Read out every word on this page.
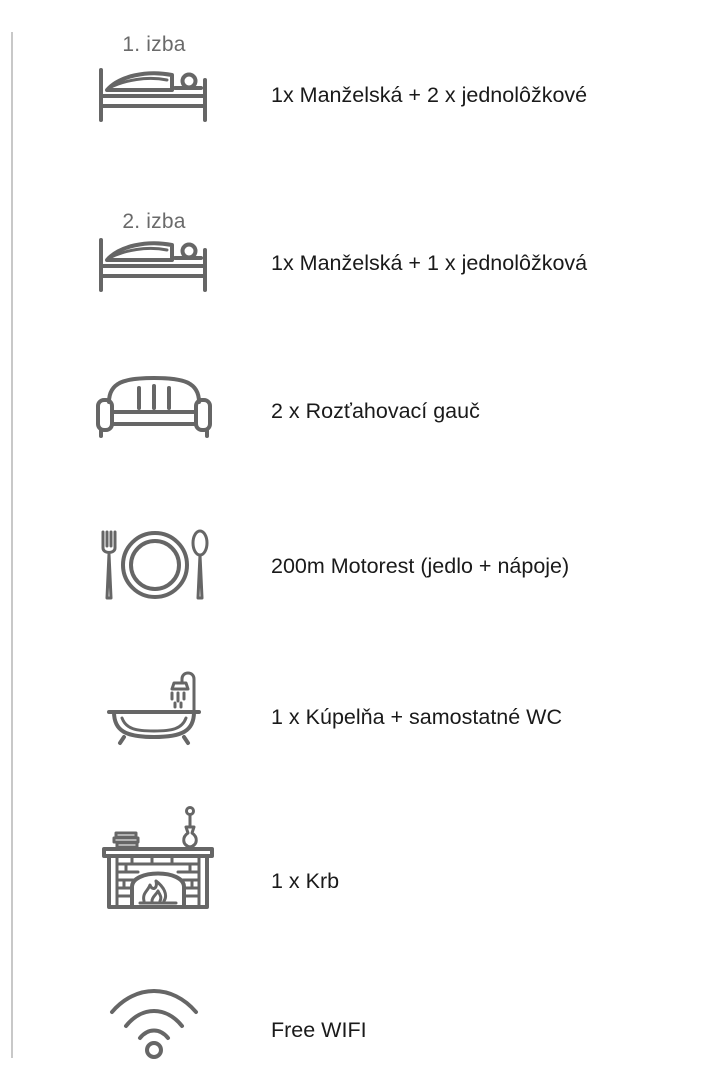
1. izba
1x Manželská + 2 x jednolôžkové
2. izba
1x Manželská + 1 x jednolôžková
2 x Rozťahovací gauč
200m Motorest (jedlo + nápoje)
1 x Kúpelňa + samostatné WC
1 x Krb
Free WIFI
